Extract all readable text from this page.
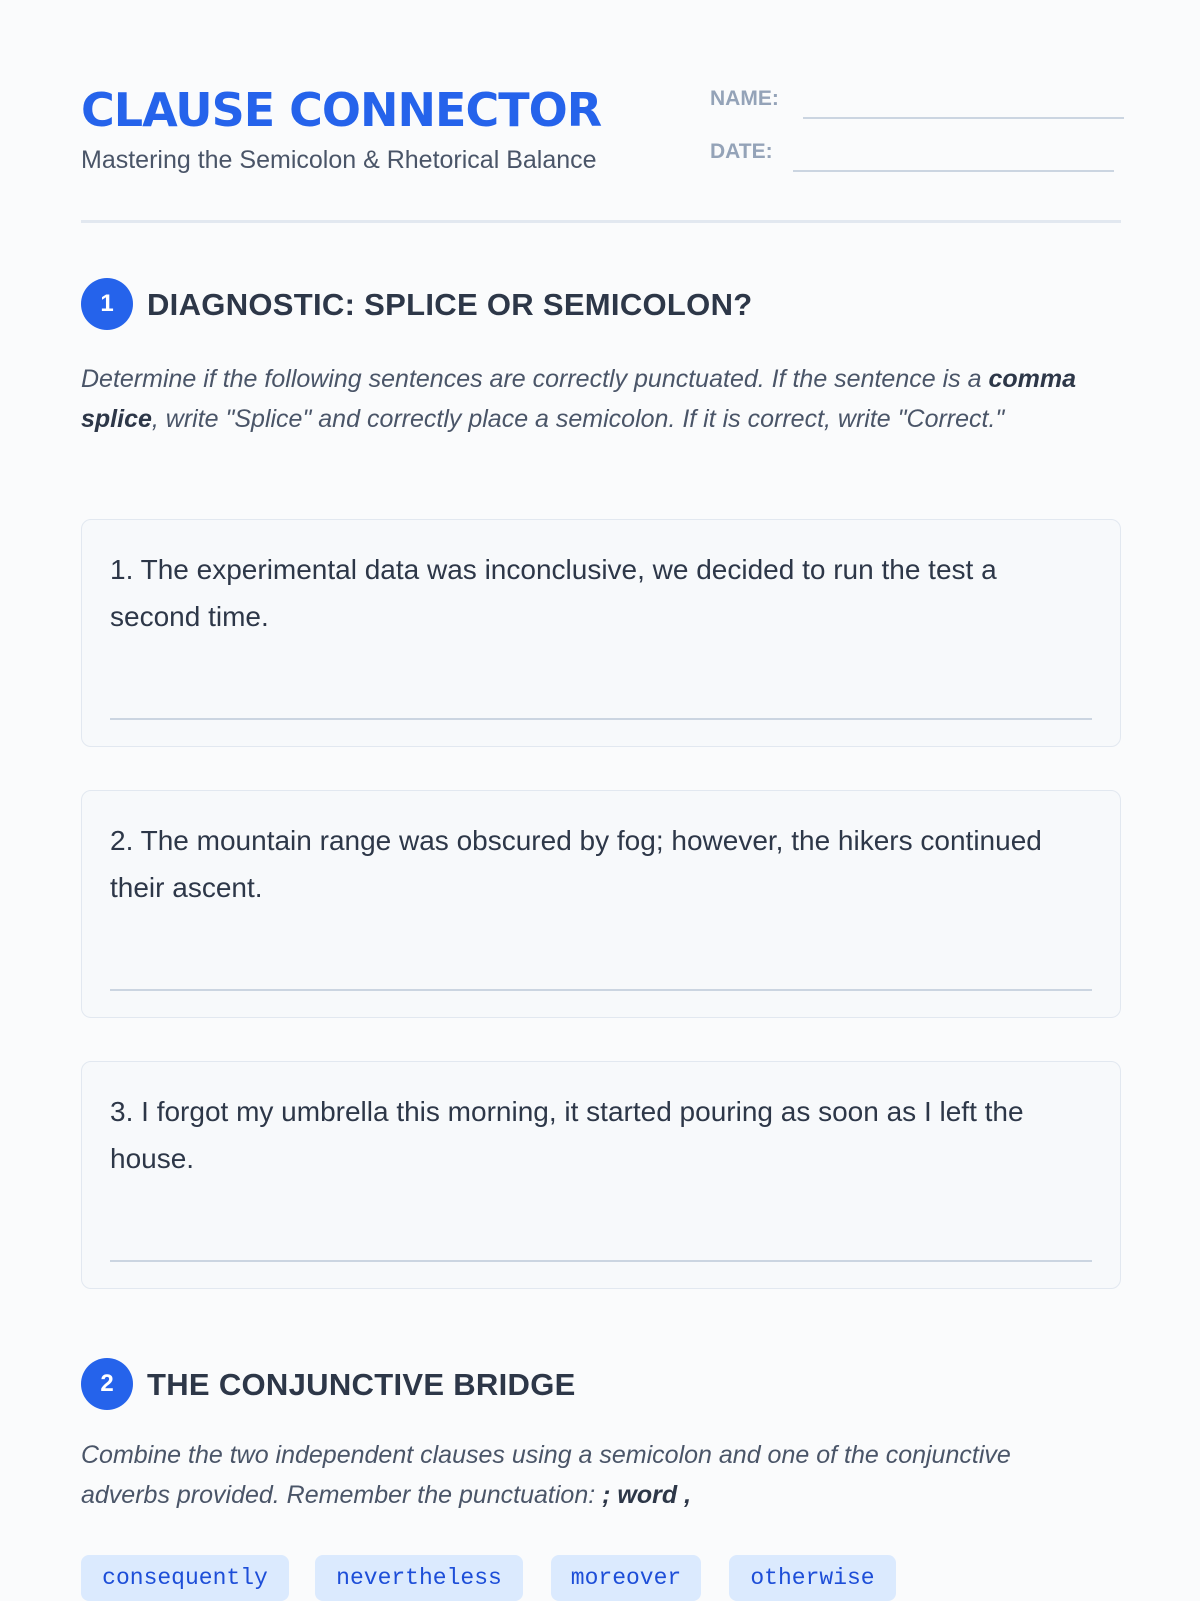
CLAUSE CONNECTOR
Mastering the Semicolon & Rhetorical Balance
NAME:
DATE:
1	DIAGNOSTIC: SPLICE OR SEMICOLON?
Determine if the following sentences are correctly punctuated. If the sentence is a comma splice, write "Splice" and correctly place a semicolon. If it is correct, write "Correct."
1. The experimental data was inconclusive, we decided to run the test a second time.
2. The mountain range was obscured by fog; however, the hikers continued their ascent.
3. I forgot my umbrella this morning, it started pouring as soon as I left the house.
2	THE CONJUNCTIVE BRIDGE
Combine the two independent clauses using a semicolon and one of the conjunctive adverbs provided. Remember the punctuation: ; word ,
consequently	nevertheless	moreover	otherwise
